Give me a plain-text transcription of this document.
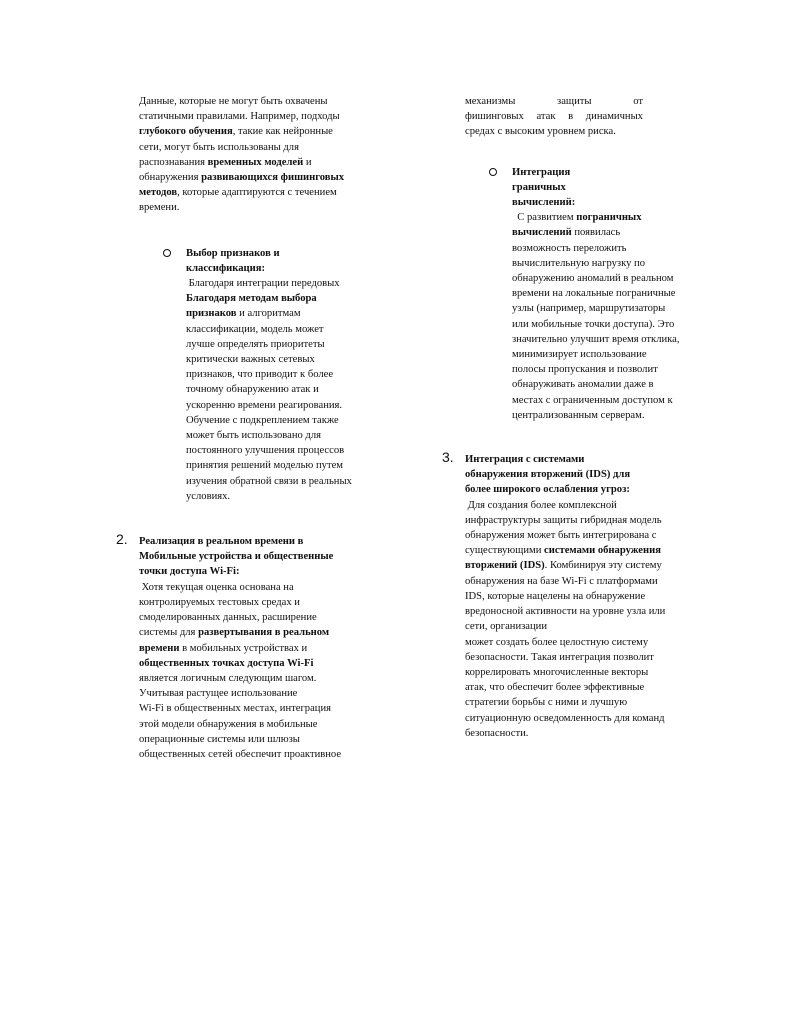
Данные, которые не могут быть охвачены
статичными правилами. Например, подходы
глубокого обучения, такие как нейронные
сети, могут быть использованы для
распознавания временных моделей и
обнаружения развивающихся фишинговых
методов, которые адаптируются с течением
времени.
Выбор признаков и
классификация:
Благодаря интеграции передовых
Благодаря методам выбора
признаков и алгоритмам
классификации, модель может
лучше определять приоритеты
критически важных сетевых
признаков, что приводит к более
точному обнаружению атак и
ускоренню времени реагирования.
Обучение с подкреплением также
может быть использовано для
постоянного улучшения процессов
принятия решений моделью путем
изучения обратной связи в реальных
условиях.
2. Реализация в реальном времени в
Мобильные устройства и общественные
точки доступа Wi-Fi:
Хотя текущая оценка основана на
контролируемых тестовых средах и
смоделированных данных, расширение
системы для развертывания в реальном
времени в мобильных устройствах и
общественных точках доступа Wi-Fi
является логичным следующим шагом.
Учитывая растущее использование
Wi-Fi в общественных местах, интеграция
этой модели обнаружения в мобильные
операционные системы или шлюзы
общественных сетей обеспечит проактивное
механизмы	защиты	от
фишинговых атак в динамичных
средах с высоким уровнем риска.
Интеграция
граничных
вычислений:
С развитием пограничных
вычислений появилась
возможность переложить
вычислительную нагрузку по
обнаружению аномалий в реальном
времени на локальные пограничные
узлы (например, маршрутизаторы
или мобильные точки доступа). Это
значительно улучшит время отклика,
минимизирует использование
полосы пропускания и позволит
обнаруживать аномалии даже в
местах с ограниченным доступом к
централизованным серверам.
3. Интеграция с системами
обнаружения вторжений (IDS) для
более широкого ослабления угроз:
Для создания более комплексной
инфраструктуры защиты гибридная модель
обнаружения может быть интегрирована с
существующими системами обнаружения
вторжений (IDS). Комбинируя эту систему
обнаружения на базе Wi-Fi с платформами
IDS, которые нацелены на обнаружение
вредоносной активности на уровне узла или
сети, организации
может создать более целостную систему
безопасности. Такая интеграция позволит
коррелировать многочисленные векторы
атак, что обеспечит более эффективные
стратегии борьбы с ними и лучшую
ситуационную осведомленность для команд
безопасности.
